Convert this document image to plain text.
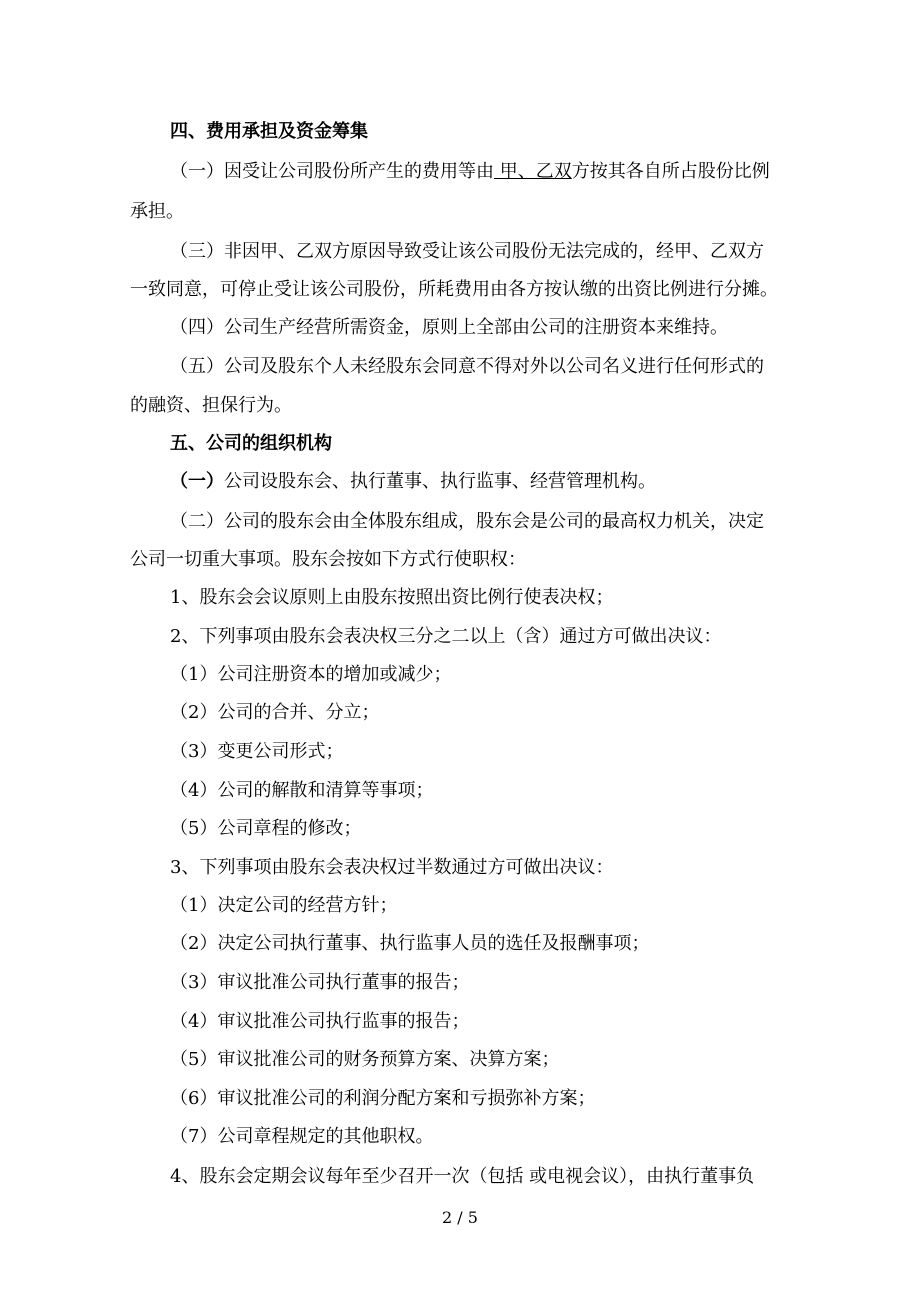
四、费用承担及资金筹集
（一）因受让公司股份所产生的费用等由 甲、乙双方按其各自所占股份比例
承担。
（三）非因甲、乙双方原因导致受让该公司股份无法完成的，经甲、乙双方
一致同意，可停止受让该公司股份，所耗费用由各方按认缴的出资比例进行分摊。
（四）公司生产经营所需资金，原则上全部由公司的注册资本来维持。
（五）公司及股东个人未经股东会同意不得对外以公司名义进行任何形式的
的融资、担保行为。
五、公司的组织机构
（一）公司设股东会、执行董事、执行监事、经营管理机构。
（二）公司的股东会由全体股东组成，股东会是公司的最高权力机关，决定
公司一切重大事项。股东会按如下方式行使职权：
1、股东会会议原则上由股东按照出资比例行使表决权；
2、下列事项由股东会表决权三分之二以上（含）通过方可做出决议：
（1）公司注册资本的增加或减少；
（2）公司的合并、分立；
（3）变更公司形式；
（4）公司的解散和清算等事项；
（5）公司章程的修改；
3、下列事项由股东会表决权过半数通过方可做出决议：
（1）决定公司的经营方针；
（2）决定公司执行董事、执行监事人员的选任及报酬事项；
（3）审议批准公司执行董事的报告；
（4）审议批准公司执行监事的报告；
（5）审议批准公司的财务预算方案、决算方案；
（6）审议批准公司的利润分配方案和亏损弥补方案；
（7）公司章程规定的其他职权。
4、股东会定期会议每年至少召开一次（包括 或电视会议），由执行董事负
2 / 5
